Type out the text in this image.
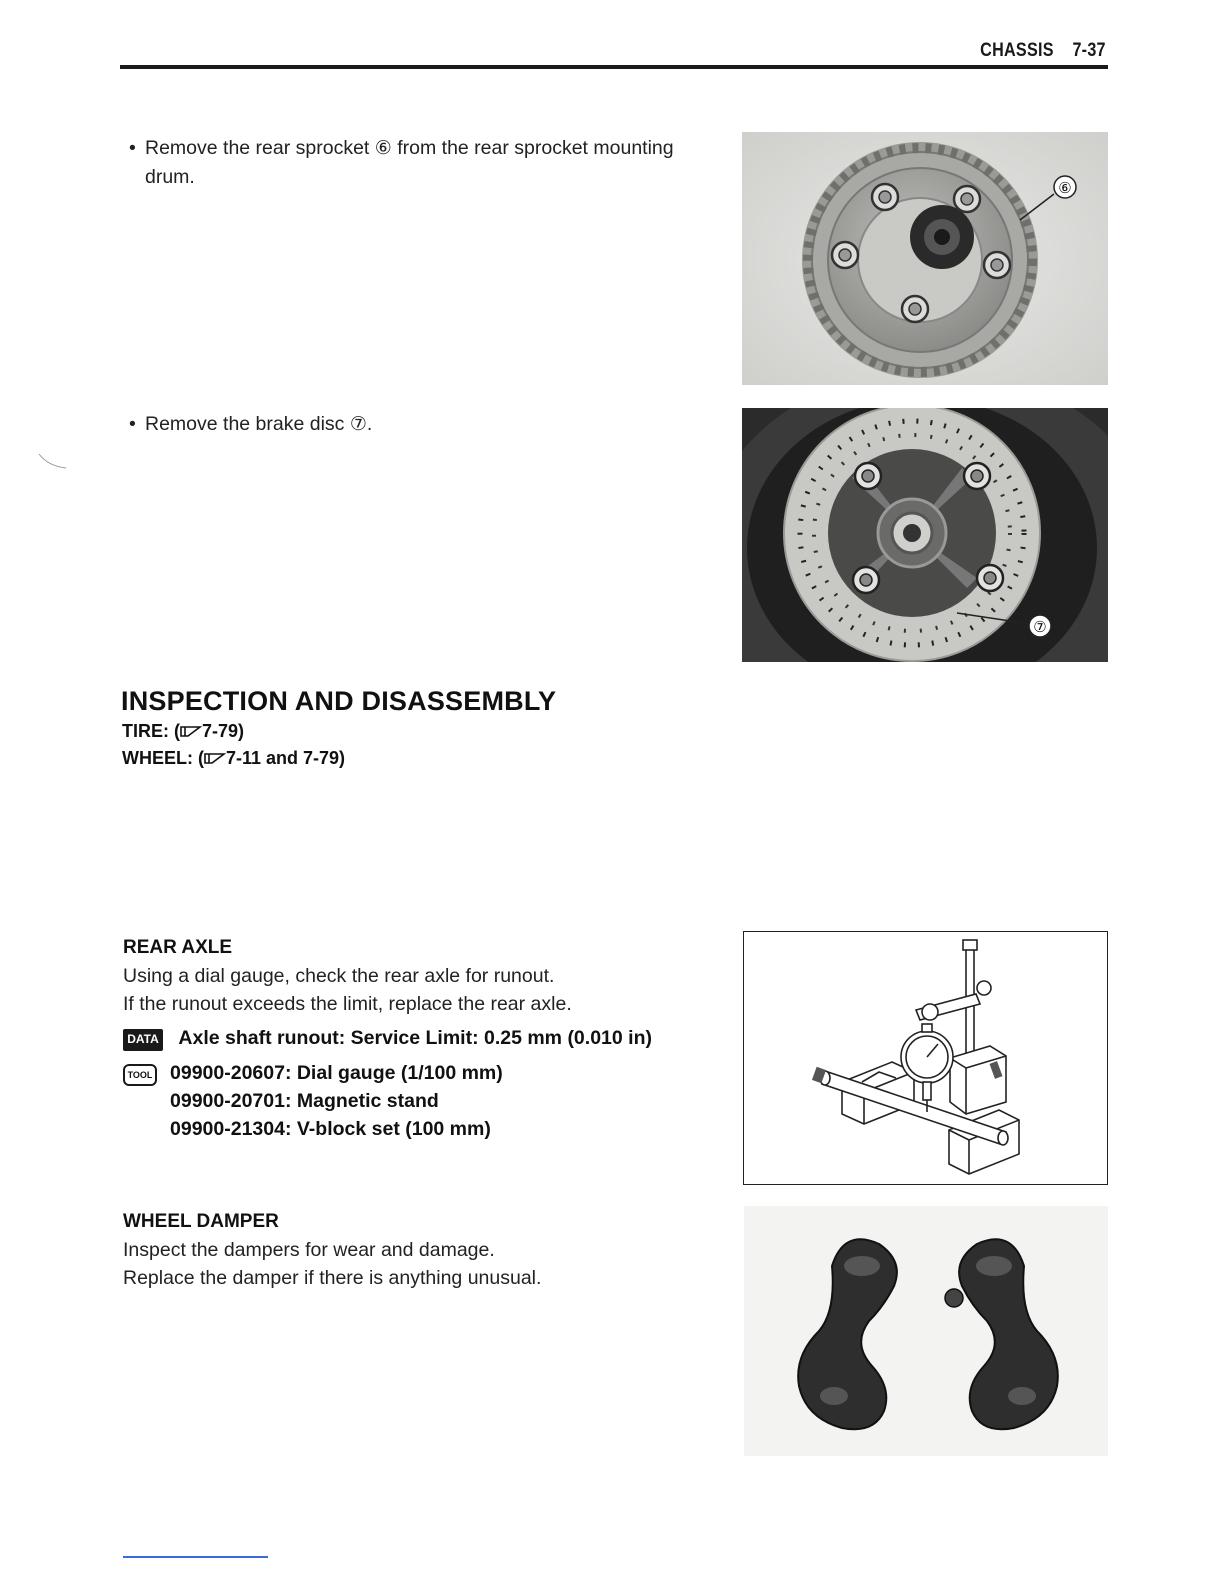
CHASSIS 7-37
Remove the rear sprocket ⑥ from the rear sprocket mounting
drum.
⑥
Remove the brake disc ⑦.
⑦
INSPECTION AND DISASSEMBLY
TIRE: ( 7-79)
WHEEL: ( 7-11 and 7-79)
REAR AXLE
Using a dial gauge, check the rear axle for runout.
If the runout exceeds the limit, replace the rear axle.
DATA Axle shaft runout: Service Limit: 0.25 mm (0.010 in)
TOOL 09900-20607: Dial gauge (1/100 mm)
09900-20701: Magnetic stand
09900-21304: V-block set (100 mm)
WHEEL DAMPER
Inspect the dampers for wear and damage.
Replace the damper if there is anything unusual.
